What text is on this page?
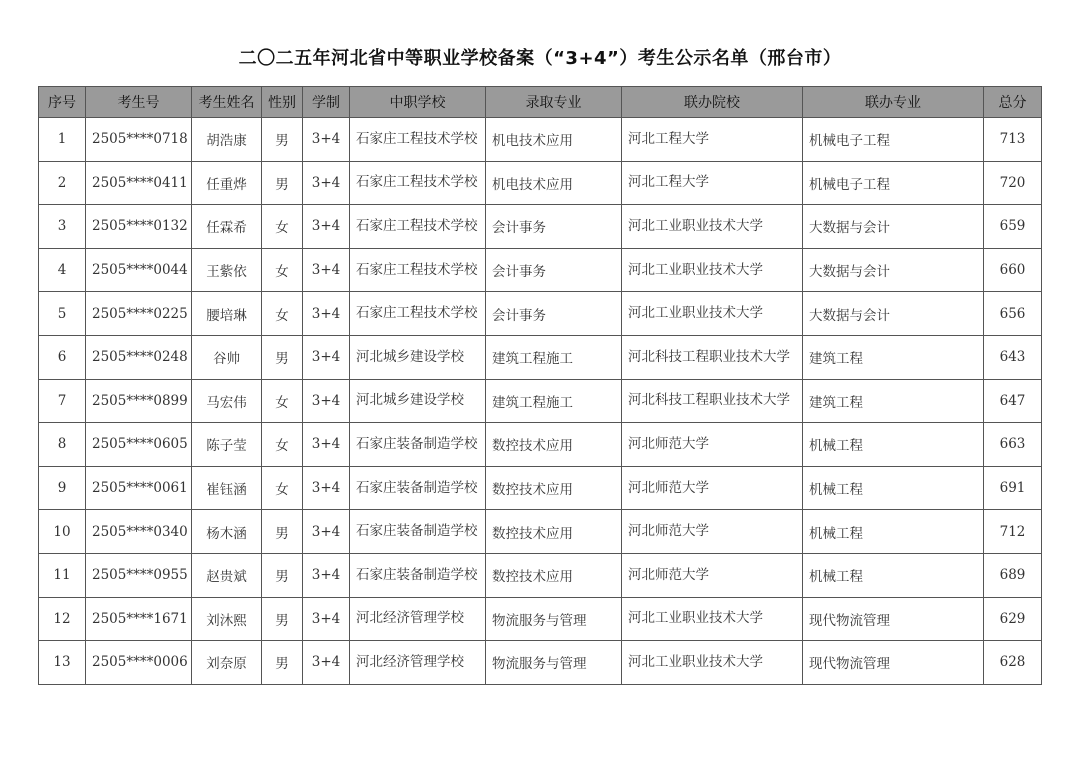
二〇二五年河北省中等职业学校备案（“3+4”）考生公示名单（邢台市）
序号	考生号	考生姓名	性别	学制	中职学校	录取专业	联办院校	联办专业	总分
1	2505****0718	胡浩康	男	3+4	石家庄工程技术学校	机电技术应用	河北工程大学	机械电子工程	713
2	2505****0411	任重烨	男	3+4	石家庄工程技术学校	机电技术应用	河北工程大学	机械电子工程	720
3	2505****0132	任霖希	女	3+4	石家庄工程技术学校	会计事务	河北工业职业技术大学	大数据与会计	659
4	2505****0044	王紫依	女	3+4	石家庄工程技术学校	会计事务	河北工业职业技术大学	大数据与会计	660
5	2505****0225	腰培琳	女	3+4	石家庄工程技术学校	会计事务	河北工业职业技术大学	大数据与会计	656
6	2505****0248	谷帅	男	3+4	河北城乡建设学校	建筑工程施工	河北科技工程职业技术大学	建筑工程	643
7	2505****0899	马宏伟	女	3+4	河北城乡建设学校	建筑工程施工	河北科技工程职业技术大学	建筑工程	647
8	2505****0605	陈子莹	女	3+4	石家庄装备制造学校	数控技术应用	河北师范大学	机械工程	663
9	2505****0061	崔钰涵	女	3+4	石家庄装备制造学校	数控技术应用	河北师范大学	机械工程	691
10	2505****0340	杨木涵	男	3+4	石家庄装备制造学校	数控技术应用	河北师范大学	机械工程	712
11	2505****0955	赵贵斌	男	3+4	石家庄装备制造学校	数控技术应用	河北师范大学	机械工程	689
12	2505****1671	刘沐熙	男	3+4	河北经济管理学校	物流服务与管理	河北工业职业技术大学	现代物流管理	629
13	2505****0006	刘奈原	男	3+4	河北经济管理学校	物流服务与管理	河北工业职业技术大学	现代物流管理	628
